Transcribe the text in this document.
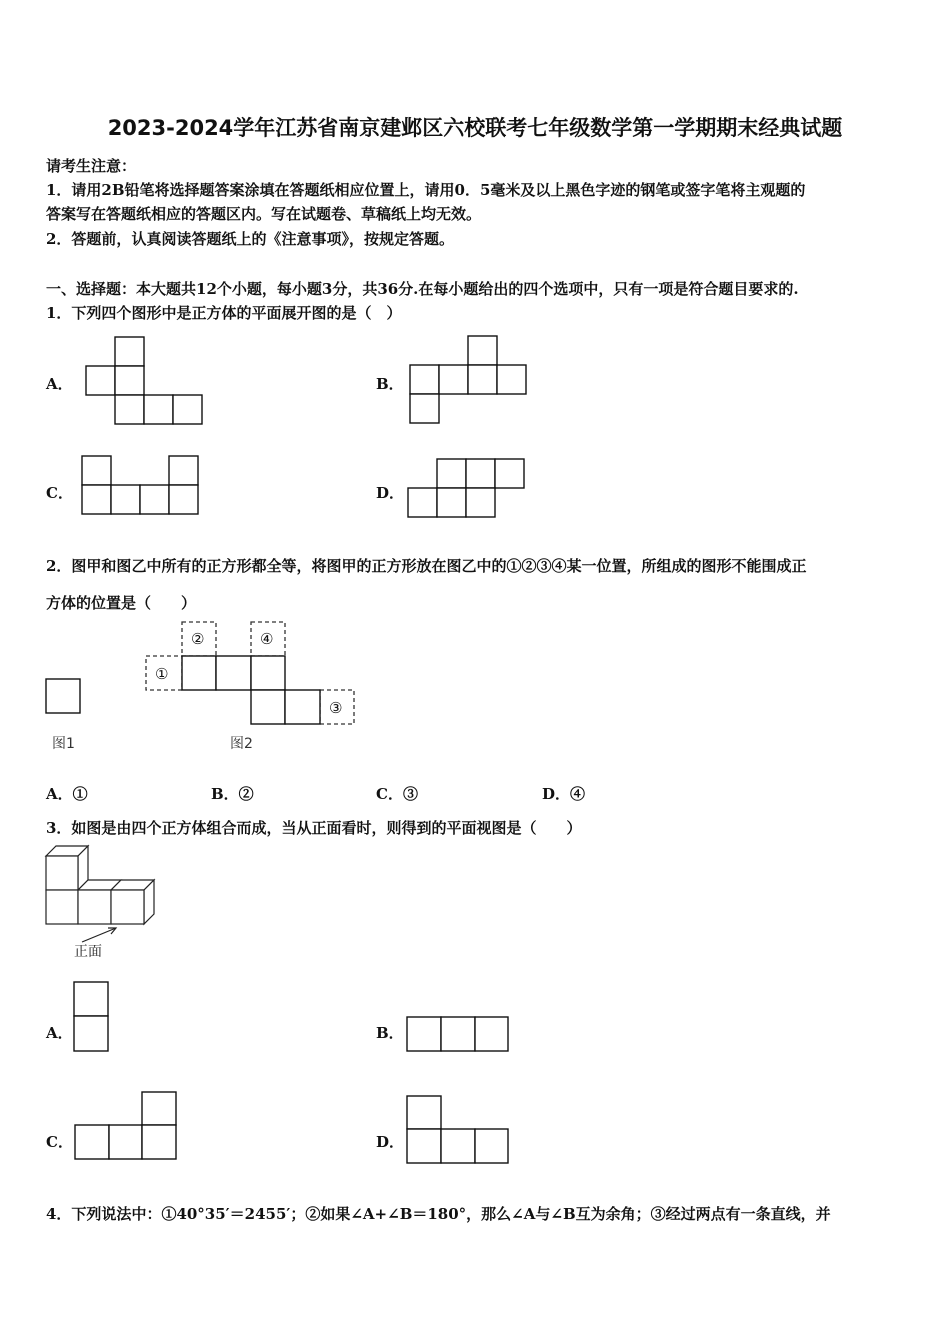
2023-2024学年江苏省南京建邺区六校联考七年级数学第一学期期末经典试题
请考生注意：
1．请用2B铅笔将选择题答案涂填在答题纸相应位置上，请用0．5毫米及以上黑色字迹的钢笔或签字笔将主观题的
答案写在答题纸相应的答题区内。写在试题卷、草稿纸上均无效。
2．答题前，认真阅读答题纸上的《注意事项》，按规定答题。
一、选择题：本大题共12个小题，每小题3分，共36分.在每小题给出的四个选项中，只有一项是符合题目要求的.
1．下列四个图形中是正方体的平面展开图的是（　）
A．	B．
C．	D．
2．图甲和图乙中所有的正方形都全等，将图甲的正方形放在图乙中的①②③④某一位置，所组成的图形不能围成正
方体的位置是（　　）
图1
①
②
③
④
图2
A．①	B．②	C．③	D．④
3．如图是由四个正方体组合而成，当从正面看时，则得到的平面视图是（　　）
正面
A．	B．
C．	D．
4．下列说法中：①40°35′＝2455′；②如果∠A+∠B＝180°，那么∠A与∠B互为余角；③经过两点有一条直线，并
